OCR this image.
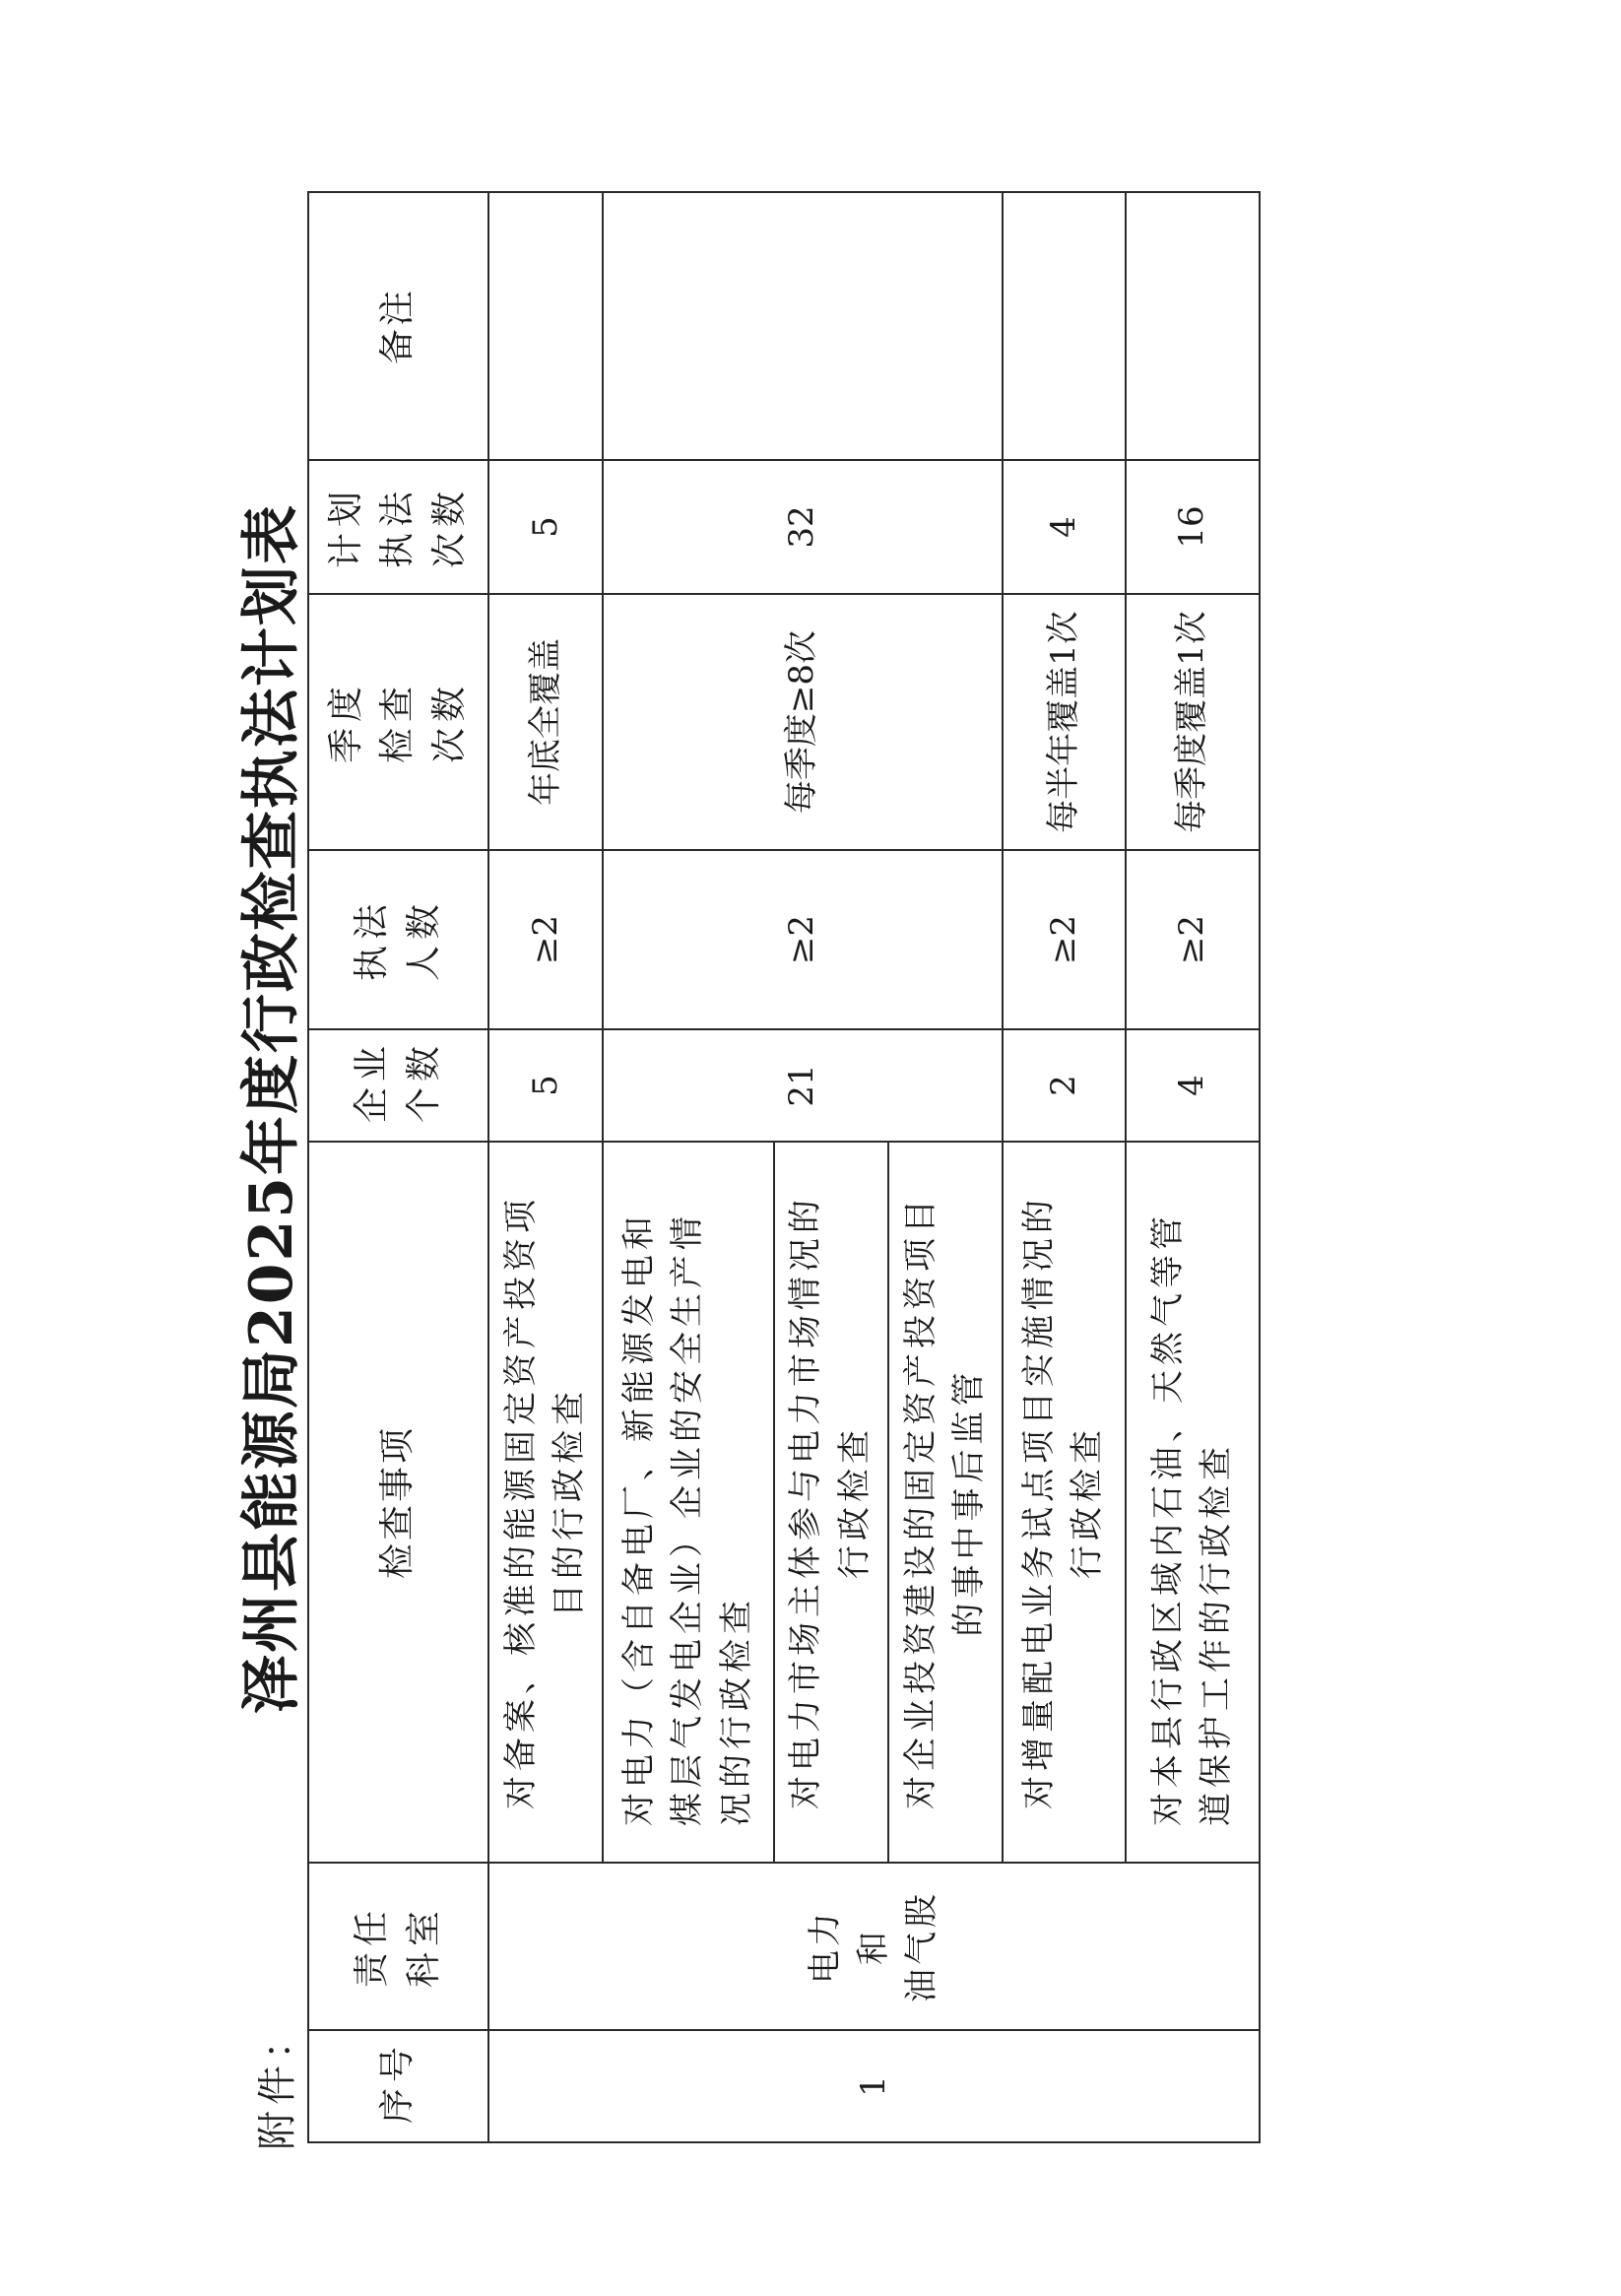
附件：
泽州县能源局2025年度行政检查执法计划表
序号	责任科室	检查事项	企业个数	执法人数	季度检查次数	计划执法次数	备注
1	电力 和 油气股	对备案、核准的能源固定资产投资项目的行政检查	5	≥2	年底全覆盖	5	
		对电力（含自备电厂、新能源发电和煤层气发电企业）企业的安全生产情况的行政检查	21	≥2	每季度≥8次	32	
		对电力市场主体参与电力市场情况的行政检查					
		对企业投资建设的固定资产投资项目的事中事后监管					
		对增量配电业务试点项目实施情况的行政检查	2	≥2	每半年覆盖1次	4	
		对本县行政区域内石油、天然气等管道保护工作的行政检查	4	≥2	每季度覆盖1次	16	
